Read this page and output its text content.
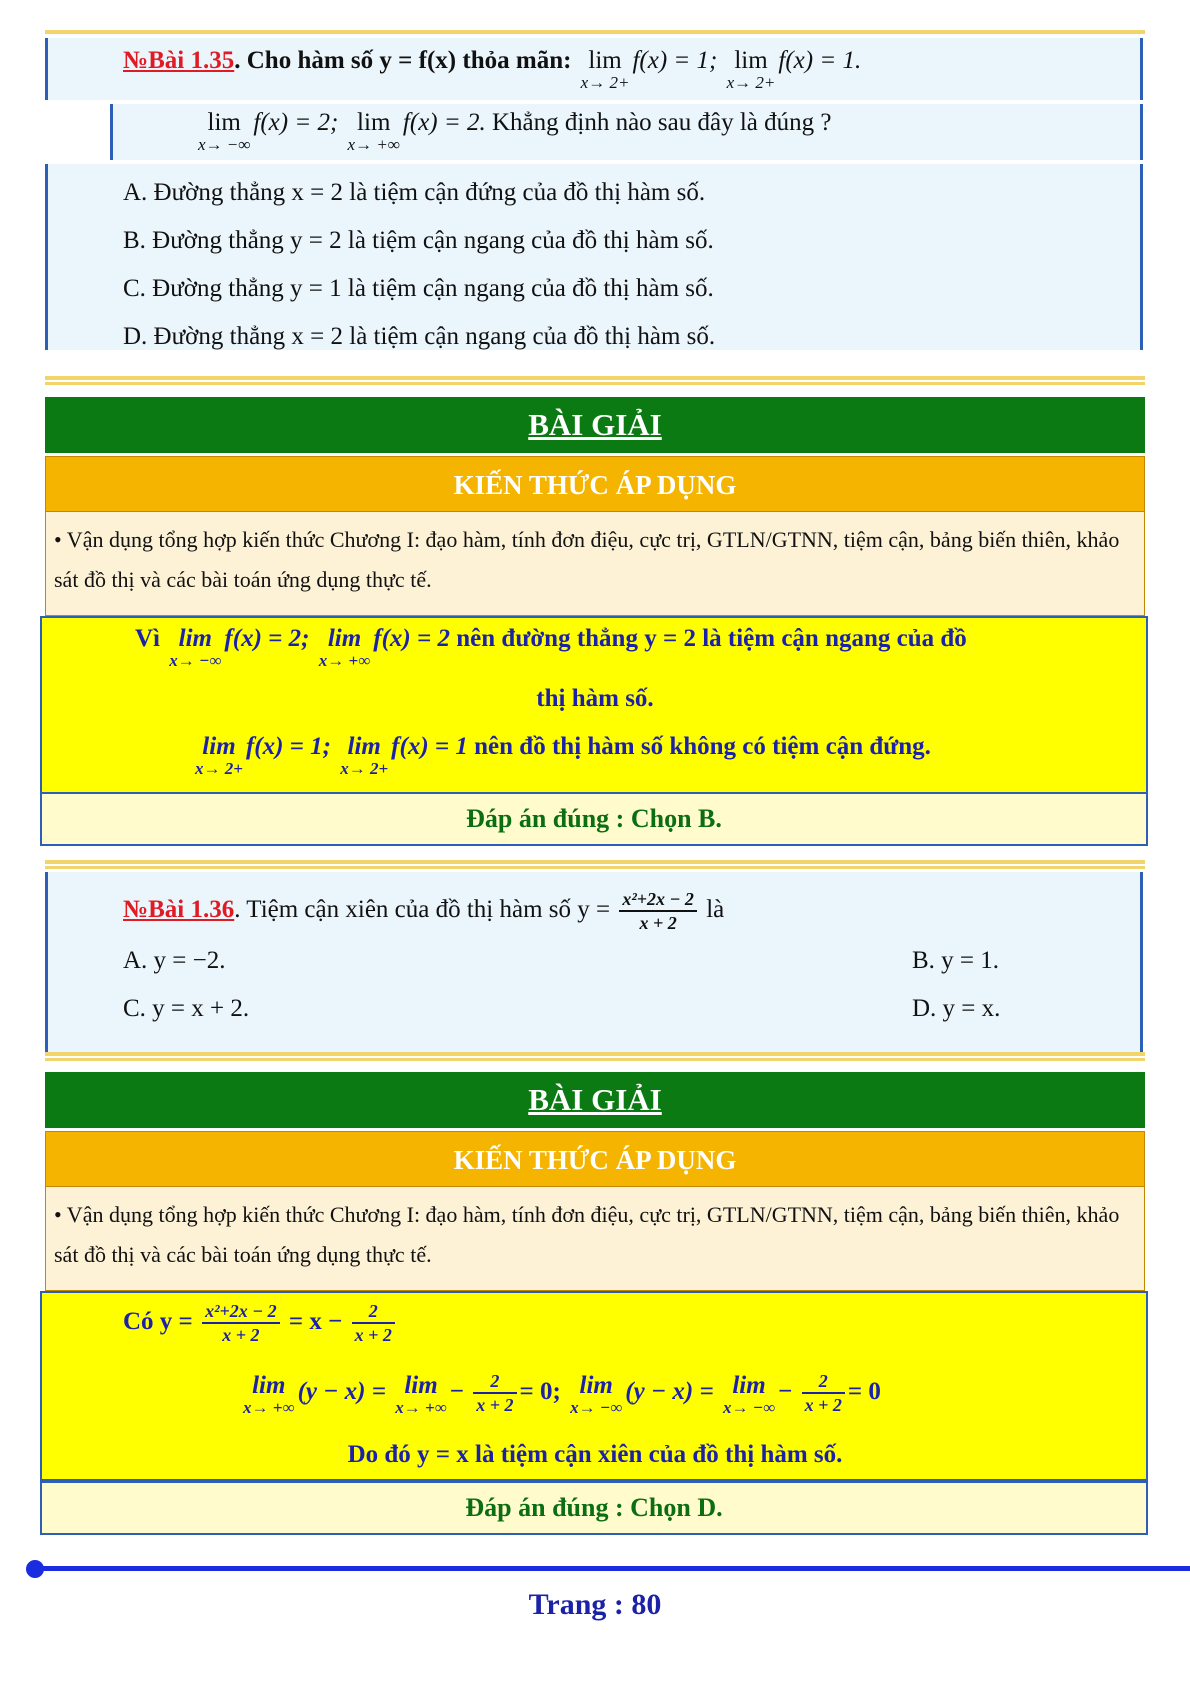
№Bài 1.35. Cho hàm số y = f(x) thỏa mãn: lim
x→ 2+
f(x) = 1; lim
x→ 2+
f(x) = 1.
lim
x→ −∞
f(x) = 2; lim
x→ +∞
f(x) = 2. Khẳng định nào sau đây là đúng ?
A. Đường thẳng x = 2 là tiệm cận đứng của đồ thị hàm số.
B. Đường thẳng y = 2 là tiệm cận ngang của đồ thị hàm số.
C. Đường thẳng y = 1 là tiệm cận ngang của đồ thị hàm số.
D. Đường thẳng x = 2 là tiệm cận ngang của đồ thị hàm số.
BÀI GIẢI
KIẾN THỨC ÁP DỤNG
• Vận dụng tổng hợp kiến thức Chương I: đạo hàm, tính đơn điệu, cực trị, GTLN/GTNN, tiệm cận, bảng biến thiên, khảo sát đồ thị và các bài toán ứng dụng thực tế.
Vì lim
x→ −∞
f(x) = 2; lim
x→ +∞
f(x) = 2 nên đường thẳng y = 2 là tiệm cận ngang của đồ
thị hàm số.
lim
x→ 2+
f(x) = 1; lim
x→ 2+
f(x) = 1 nên đồ thị hàm số không có tiệm cận đứng.
Đáp án đúng : Chọn B.
№Bài 1.36. Tiệm cận xiên của đồ thị hàm số $y = \frac{\text{x²+2x − 2}}{x + 2}$ là
A. y = −2.	B. y = 1.
C. y = x + 2.	D. y = x.
BÀI GIẢI
KIẾN THỨC ÁP DỤNG
• Vận dụng tổng hợp kiến thức Chương I: đạo hàm, tính đơn điệu, cực trị, GTLN/GTNN, tiệm cận, bảng biến thiên, khảo sát đồ thị và các bài toán ứng dụng thực tế.
Có $y = \frac{\text{x²+2x − 2}}{x + 2} = x - \frac{2}{x + 2}$
lim
x→ +∞
(y − x) = lim
x→ +∞
− $\frac{2}{x + 2} = 0$; lim
x→ −∞
(y − x) = lim
x→ −∞
− $\frac{2}{x + 2} = 0$
Do đó y = x là tiệm cận xiên của đồ thị hàm số.
Đáp án đúng : Chọn D.
Trang : 80
